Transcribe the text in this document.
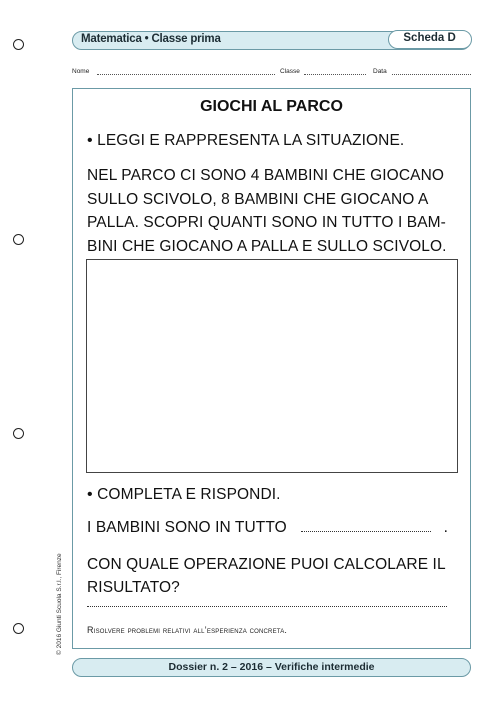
Matematica • Classe prima	Scheda D
Nome	Classe	Data
GIOCHI AL PARCO
• LEGGI E RAPPRESENTA LA SITUAZIONE.
NEL PARCO CI SONO 4 BAMBINI CHE GIOCANO
SULLO SCIVOLO, 8 BAMBINI CHE GIOCANO A
PALLA. SCOPRI QUANTI SONO IN TUTTO I BAM-
BINI CHE GIOCANO A PALLA E SULLO SCIVOLO.
• COMPLETA E RISPONDI.
I BAMBINI SONO IN TUTTO	.
CON QUALE OPERAZIONE PUOI CALCOLARE IL
RISULTATO?
Risolvere problemi relativi all’esperienza concreta.
© 2016 Giunti Scuola S.r.l., Firenze
Dossier n. 2 – 2016 – Verifiche intermedie
